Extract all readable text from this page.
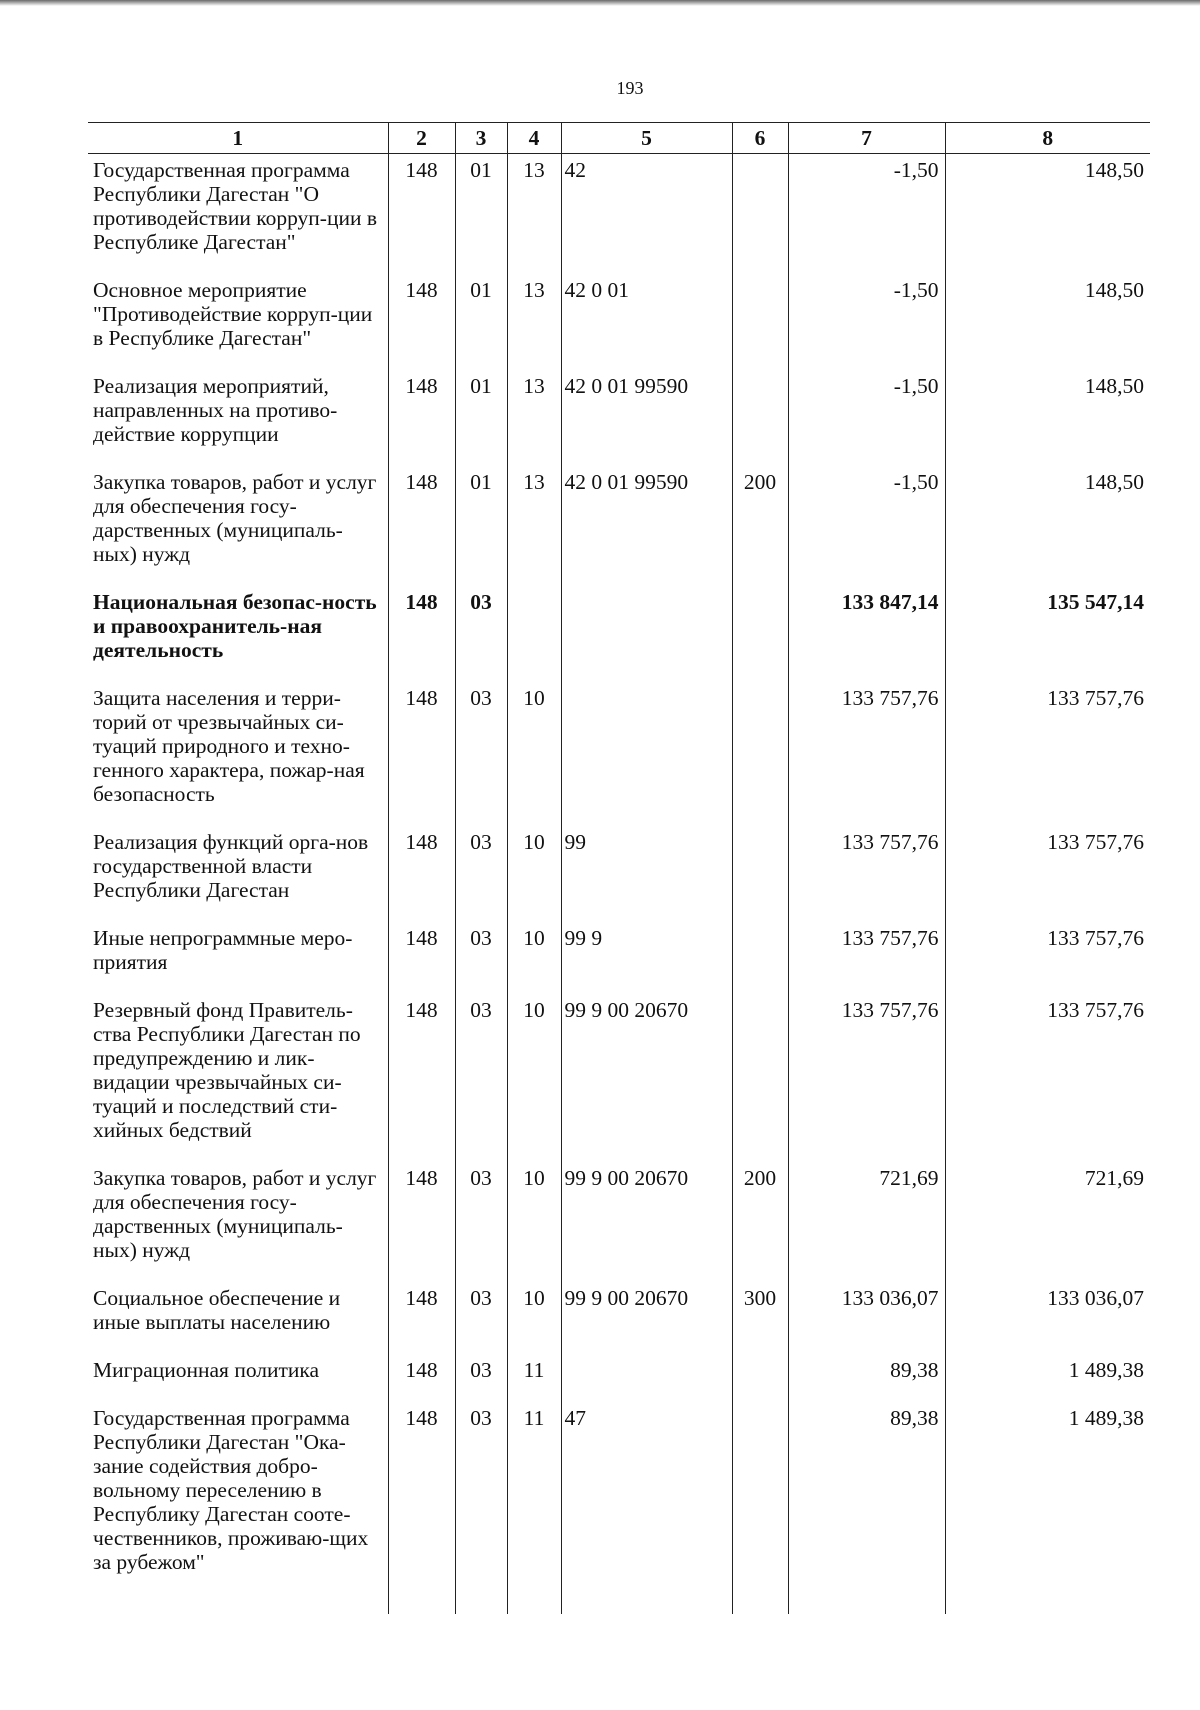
193
1	2	3	4	5	6	7	8
Государственная программа Республики Дагестан "О противодействии корруп-ции в Республике Дагестан"	148	01	13	42		-1,50	148,50
Основное мероприятие "Противодействие корруп-ции в Республике Дагестан"	148	01	13	42 0 01		-1,50	148,50
Реализация мероприятий, направленных на противо-действие коррупции	148	01	13	42 0 01 99590		-1,50	148,50
Закупка товаров, работ и услуг для обеспечения госу-дарственных (муниципаль-ных) нужд	148	01	13	42 0 01 99590	200	-1,50	148,50
Национальная безопас-ность и правоохранитель-ная деятельность	148	03				133 847,14	135 547,14
Защита населения и терри-торий от чрезвычайных си-туаций природного и техно-генного характера, пожар-ная безопасность	148	03	10			133 757,76	133 757,76
Реализация функций орга-нов государственной власти Республики Дагестан	148	03	10	99		133 757,76	133 757,76
Иные непрограммные меро-приятия	148	03	10	99 9		133 757,76	133 757,76
Резервный фонд Правитель-ства Республики Дагестан по предупреждению и лик-видации чрезвычайных си-туаций и последствий сти-хийных бедствий	148	03	10	99 9 00 20670		133 757,76	133 757,76
Закупка товаров, работ и услуг для обеспечения госу-дарственных (муниципаль-ных) нужд	148	03	10	99 9 00 20670	200	721,69	721,69
Социальное обеспечение и иные выплаты населению	148	03	10	99 9 00 20670	300	133 036,07	133 036,07
Миграционная политика	148	03	11			89,38	1 489,38
Государственная программа Республики Дагестан "Ока-зание содействия добро-вольному переселению в Республику Дагестан соотe-чественников, проживаю-щих за рубежом"	148	03	11	47		89,38	1 489,38
